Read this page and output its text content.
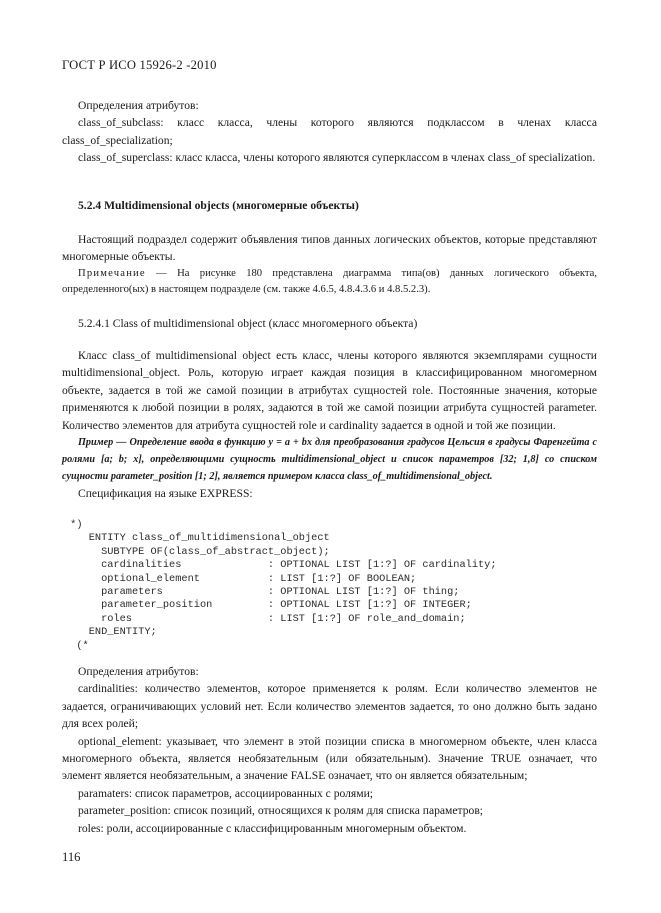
ГОСТ Р ИСО 15926-2 -2010

Определения атрибутов:

class_of_subclass: класс класса, члены которого являются подклассом в членах класса class_of_specialization;

class_of_superclass: класс класса, члены которого являются суперклассом в членах class_of specialization.

5.2.4 Multidimensional objects (многомерные объекты)

Настоящий подраздел содержит объявления типов данных логических объектов, которые представляют многомерные объекты.

Примечание — На рисунке 180 представлена диаграмма типа(ов) данных логического объекта, определенного(ых) в настоящем подразделе (см. также 4.6.5, 4.8.4.3.6 и 4.8.5.2.3).

5.2.4.1 Class of multidimensional object (класс многомерного объекта)

Класс class_of multidimensional object есть класс, члены которого являются экземплярами сущности multidimensional_object. Роль, которую играет каждая позиция в классифицированном многомерном объекте, задается в той же самой позиции в атрибутах сущностей role. Постоянные значения, которые применяются к любой позиции в ролях, задаются в той же самой позиции атрибута сущностей parameter. Количество элементов для атрибута сущностей role и cardinality задается в одной и той же позиции.

Пример — Определение ввода в функцию y = a + bx для преобразования градусов Цельсия в градусы Фаренгейта с ролями [a; b; x], определяющими сущность multidimensional_object и список параметров [32; 1,8] со списком сущности parameter_position [1; 2], является примером класса class_of_multidimensional_object.

Спецификация на языке EXPRESS:

*)
ENTITY class_of_multidimensional_object
SUBTYPE OF(class_of_abstract_object);
cardinalities              : OPTIONAL LIST [1:?] OF cardinality;
optional_element           : LIST [1:?] OF BOOLEAN;
parameters                 : OPTIONAL LIST [1:?] OF thing;
parameter_position         : OPTIONAL LIST [1:?] OF INTEGER;
roles                      : LIST [1:?] OF role_and_domain;
END_ENTITY;
(*

Определения атрибутов:

cardinalities: количество элементов, которое применяется к ролям. Если количество элементов не задается, ограничивающих условий нет. Если количество элементов задается, то оно должно быть задано для всех ролей;

optional_element: указывает, что элемент в этой позиции списка в многомерном объекте, член класса многомерного объекта, является необязательным (или обязательным). Значение TRUE означает, что элемент является необязательным, а значение FALSE означает, что он является обязательным;

paramaters: список параметров, ассоциированных с ролями;

parameter_position: список позиций, относящихся к ролям для списка параметров;

roles: роли, ассоциированные с классифицированным многомерным объектом.

116
